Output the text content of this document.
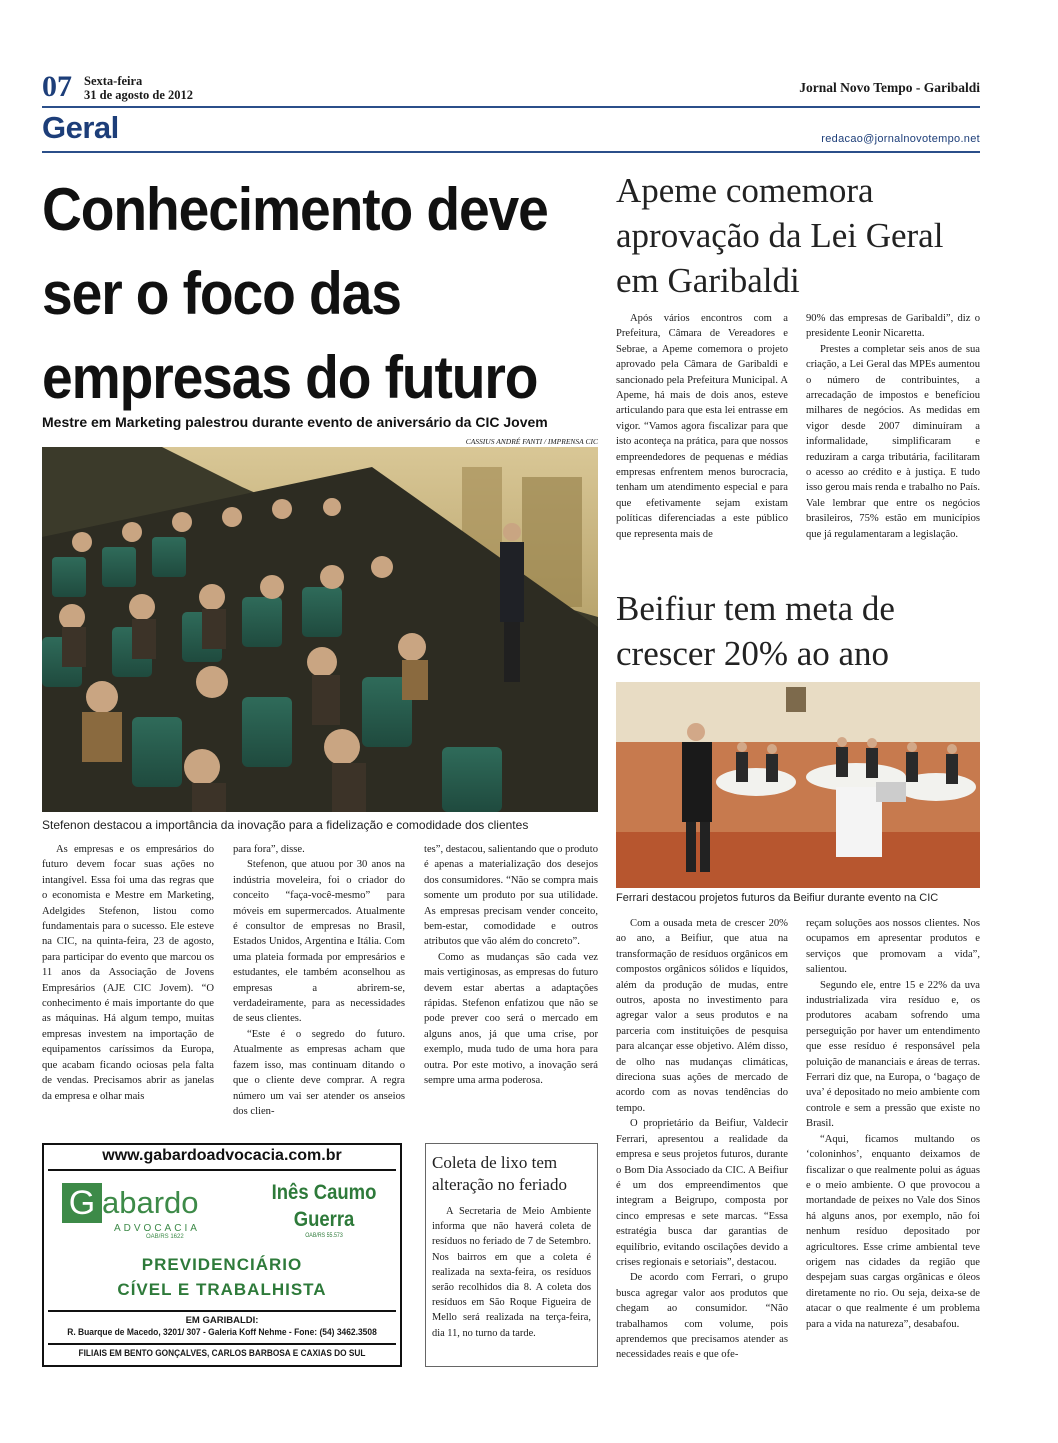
07 Sexta-feira
31 de agosto de 2012	Jornal Novo Tempo - Garibaldi
Geral	redacao@jornalnovotempo.net
Conhecimento deve ser o foco das empresas do futuro
Mestre em Marketing palestrou durante evento de aniversário da CIC Jovem
CASSIUS ANDRÉ FANTI / IMPRENSA CIC
Stefenon destacou a importância da inovação para a fidelização e comodidade dos clientes

As empresas e os empresários do futuro devem focar suas ações no intangível. Essa foi uma das regras que o economista e Mestre em Marketing, Adelgides Stefenon, listou como fundamentais para o sucesso. Ele esteve na CIC, na quinta-feira, 23 de agosto, para participar do evento que marcou os 11 anos da Associação de Jovens Empresários (AJE CIC Jovem). “O conhecimento é mais importante do que as máquinas. Há algum tempo, muitas empresas investem na importação de equipamentos caríssimos da Europa, que acabam ficando ociosas pela falta de vendas. Precisamos abrir as janelas da empresa e olhar mais

para fora”, disse.

Stefenon, que atuou por 30 anos na indústria moveleira, foi o criador do conceito “faça-você-mesmo” para móveis em supermercados. Atualmente é consultor de empresas no Brasil, Estados Unidos, Argentina e Itália. Com uma plateia formada por empresários e estudantes, ele também aconselhou as empresas a abrirem-se, verdadeiramente, para as necessidades de seus clientes.

“Este é o segredo do futuro. Atualmente as empresas acham que fazem isso, mas continuam ditando o que o cliente deve comprar. A regra número um vai ser atender os anseios dos clien-

tes”, destacou, salientando que o produto é apenas a materialização dos desejos dos consumidores. “Não se compra mais somente um produto por sua utilidade. As empresas precisam vender conceito, bem-estar, comodidade e outros atributos que vão além do concreto”.

Como as mudanças são cada vez mais vertiginosas, as empresas do futuro devem estar abertas a adaptações rápidas. Stefenon enfatizou que não se pode prever coo será o mercado em alguns anos, já que uma crise, por exemplo, muda tudo de uma hora para outra. Por este motivo, a inovação será sempre uma arma poderosa.

www.gabardoadvocacia.com.br
G abardo
ADVOCACIA
OAB/RS 1622
Inês Caumo
Guerra
OAB/RS 55.573
PREVIDENCIÁRIO
CÍVEL E TRABALHISTA
EM GARIBALDI:
R. Buarque de Macedo, 3201/ 307 - Galeria Koff Nehme - Fone: (54) 3462.3508
FILIAIS EM BENTO GONÇALVES, CARLOS BARBOSA E CAXIAS DO SUL
Coleta de lixo tem alteração no feriado

A Secretaria de Meio Ambiente informa que não haverá coleta de resíduos no feriado de 7 de Setembro. Nos bairros em que a coleta é realizada na sexta-feira, os resíduos serão recolhidos dia 8. A coleta dos resíduos em São Roque Figueira de Mello será realizada na terça-feira, dia 11, no turno da tarde.

Apeme comemora aprovação da Lei Geral em Garibaldi

Após vários encontros com a Prefeitura, Câmara de Vereadores e Sebrae, a Apeme comemora o projeto aprovado pela Câmara de Garibaldi e sancionado pela Prefeitura Municipal. A Apeme, há mais de dois anos, esteve articulando para que esta lei entrasse em vigor. “Vamos agora fiscalizar para que isto aconteça na prática, para que nossos empreendedores de pequenas e médias empresas enfrentem menos burocracia, tenham um atendimento especial e para que efetivamente sejam existam políticas diferenciadas a este público que representa mais de

90% das empresas de Garibaldi”, diz o presidente Leonir Nicaretta.

Prestes a completar seis anos de sua criação, a Lei Geral das MPEs aumentou o número de contribuintes, a arrecadação de impostos e benefíciou milhares de negócios. As medidas em vigor desde 2007 diminuíram a informalidade, simplificaram e reduziram a carga tributária, facilitaram o acesso ao crédito e à justiça. E tudo isso gerou mais renda e trabalho no País. Vale lembrar que entre os negócios brasileiros, 75% estão em municípios que já regulamentaram a legislação.

Beifiur tem meta de crescer 20% ao ano
Ferrari destacou projetos futuros da Beifiur durante evento na CIC

Com a ousada meta de crescer 20% ao ano, a Beifiur, que atua na transformação de resíduos orgânicos em compostos orgânicos sólidos e líquidos, além da produção de mudas, entre outros, aposta no investimento para agregar valor a seus produtos e na parceria com instituições de pesquisa para alcançar esse objetivo. Além disso, de olho nas mudanças climáticas, direciona suas ações de mercado de acordo com as novas tendências do tempo.

O proprietário da Beifiur, Valdecir Ferrari, apresentou a realidade da empresa e seus projetos futuros, durante o Bom Dia Associado da CIC. A Beifiur é um dos empreendimentos que integram a Beigrupo, composta por cinco empresas e sete marcas. “Essa estratégia busca dar garantias de equilíbrio, evitando oscilações devido a crises regionais e setoriais”, destacou.

De acordo com Ferrari, o grupo busca agregar valor aos produtos que chegam ao consumidor. “Não trabalhamos com volume, pois aprendemos que precisamos atender as necessidades reais e que ofe-

reçam soluções aos nossos clientes. Nos ocupamos em apresentar produtos e serviços que promovam a vida”, salientou.

Segundo ele, entre 15 e 22% da uva industrializada vira resíduo e, os produtores acabam sofrendo uma perseguição por haver um entendimento que esse resíduo é responsável pela poluição de mananciais e áreas de terras. Ferrari diz que, na Europa, o ‘bagaço de uva’ é depositado no meio ambiente com controle e sem a pressão que existe no Brasil.

“Aqui, ficamos multando os ‘coloninhos’, enquanto deixamos de fiscalizar o que realmente polui as águas e o meio ambiente. O que provocou a mortandade de peixes no Vale dos Sinos há alguns anos, por exemplo, não foi nenhum resíduo depositado por agricultores. Esse crime ambiental teve origem nas cidades da região que despejam suas cargas orgânicas e óleos diretamente no rio. Ou seja, deixa-se de atacar o que realmente é um problema para a vida na natureza”, desabafou.
